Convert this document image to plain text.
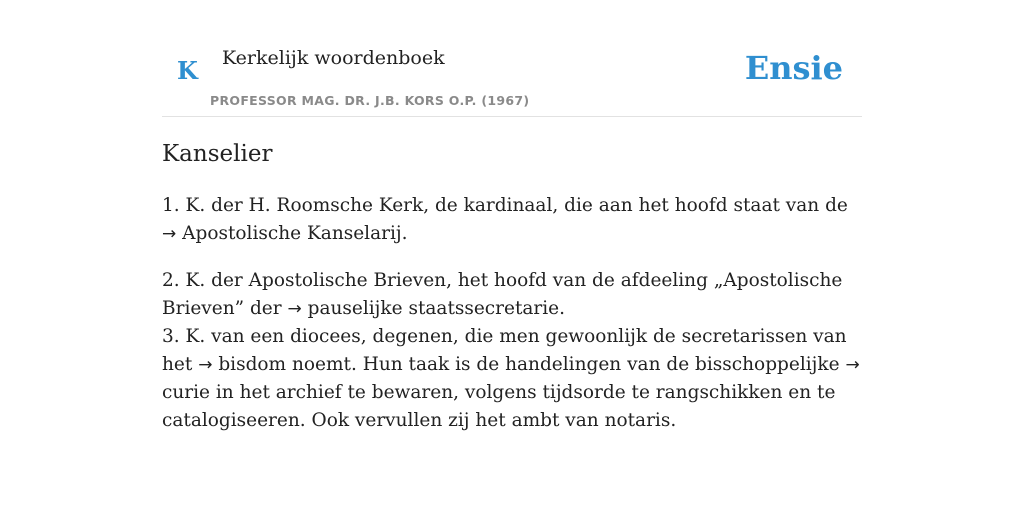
K Kerkelijk woordenboek
PROFESSOR MAG. DR. J.B. KORS O.P. (1967)
Ensie
Kanselier

1. K. der H. Roomsche Kerk, de kardinaal, die aan het hoofd staat van de → Apostolische Kanselarij.

2. K. der Apostolische Brieven, het hoofd van de afdeeling „Apostolische Brieven” der → pauselijke staatssecretarie.

3. K. van een diocees, degenen, die men gewoonlijk de secretarissen van het → bisdom noemt. Hun taak is de handelingen van de bisschoppelijke → curie in het archief te bewaren, volgens tijdsorde te rangschikken en te catalogiseeren. Ook vervullen zij het ambt van notaris.
